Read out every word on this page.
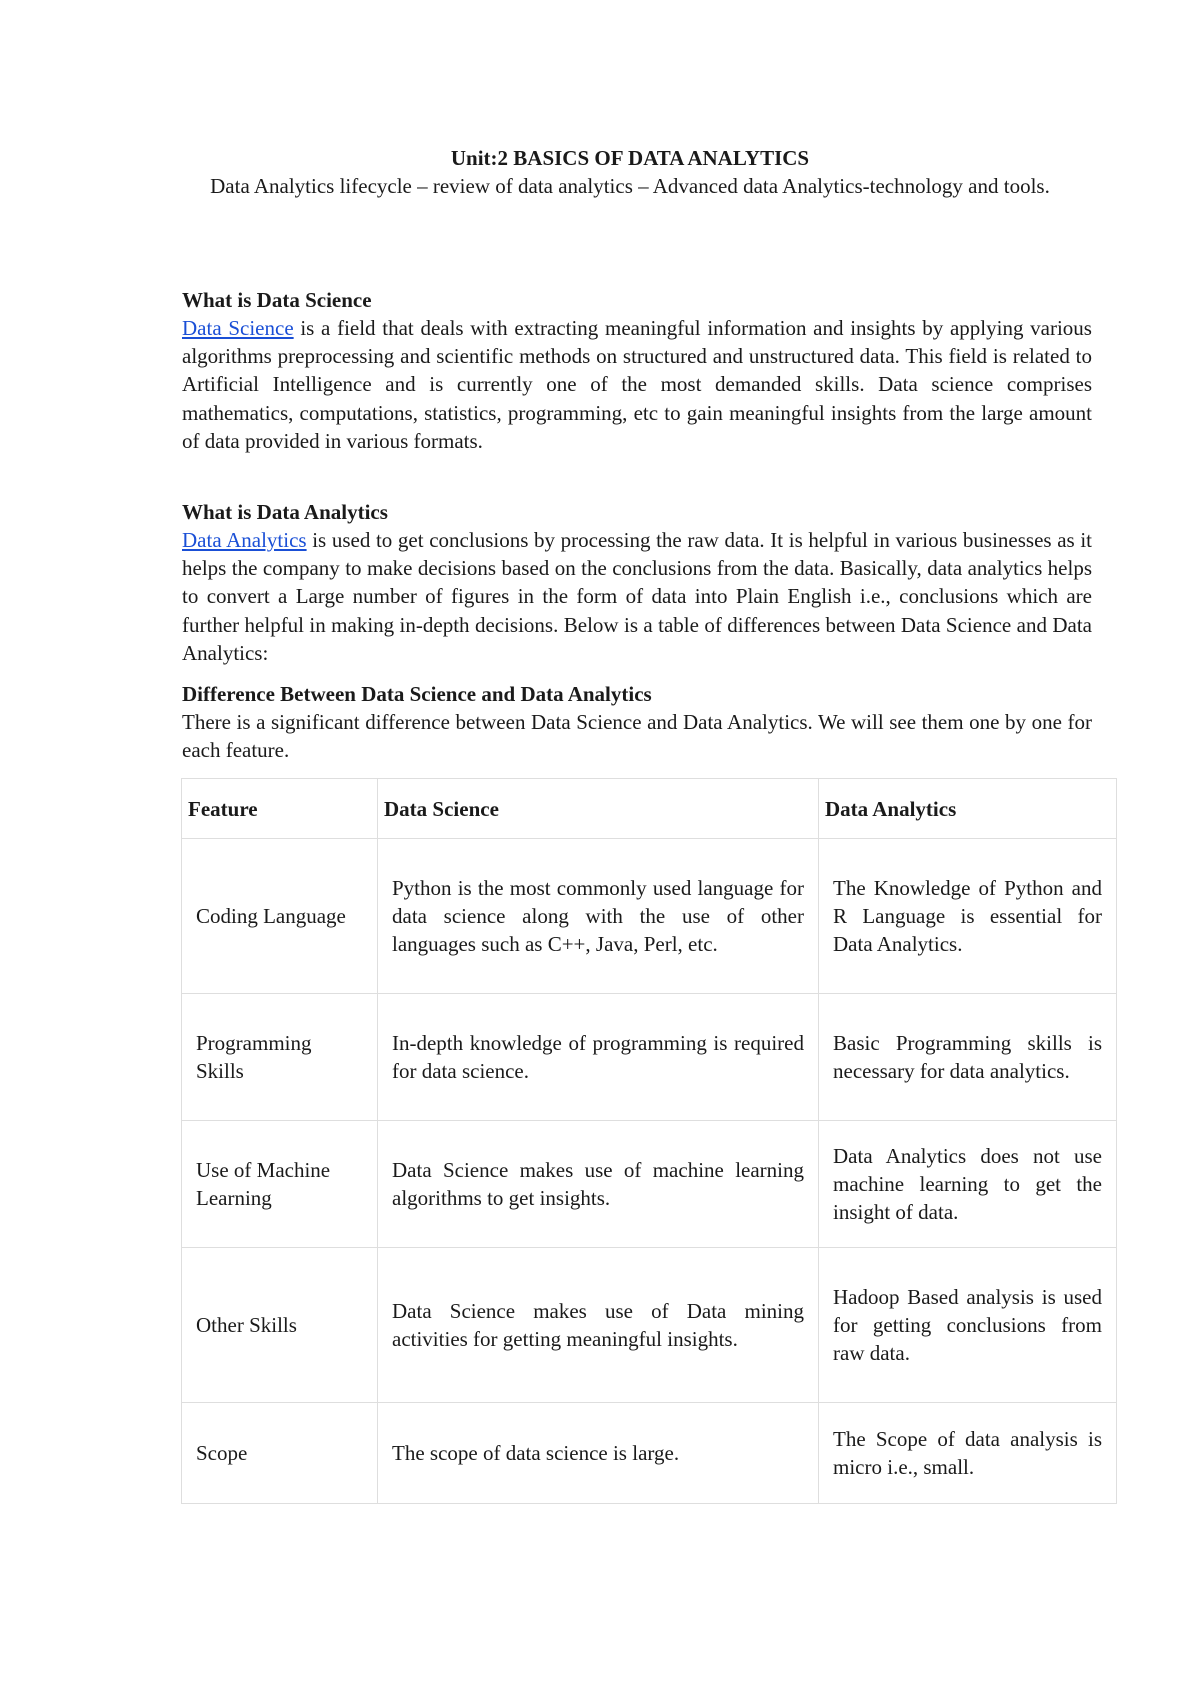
Unit:2 BASICS OF DATA ANALYTICS
Data Analytics lifecycle – review of data analytics – Advanced data Analytics-technology and tools.
What is Data Science
Data Science is a field that deals with extracting meaningful information and insights by applying various algorithms preprocessing and scientific methods on structured and unstructured data. This field is related to Artificial Intelligence and is currently one of the most demanded skills. Data science comprises mathematics, computations, statistics, programming, etc to gain meaningful insights from the large amount of data provided in various formats.
What is Data Analytics
Data Analytics is used to get conclusions by processing the raw data. It is helpful in various businesses as it helps the company to make decisions based on the conclusions from the data. Basically, data analytics helps to convert a Large number of figures in the form of data into Plain English i.e., conclusions which are further helpful in making in-depth decisions. Below is a table of differences between Data Science and Data Analytics:
Difference Between Data Science and Data Analytics
There is a significant difference between Data Science and Data Analytics. We will see them one by one for each feature.
Feature	Data Science	Data Analytics
Coding Language	Python is the most commonly used language for data science along with the use of other languages such as C++, Java, Perl, etc.	The Knowledge of Python and R Language is essential for Data Analytics.
Programming Skills	In-depth knowledge of programming is required for data science.	Basic Programming skills is necessary for data analytics.
Use of Machine Learning	Data Science makes use of machine learning algorithms to get insights.	Data Analytics does not use machine learning to get the insight of data.
Other Skills	Data Science makes use of Data mining activities for getting meaningful insights.	Hadoop Based analysis is used for getting conclusions from raw data.
Scope	The scope of data science is large.	The Scope of data analysis is micro i.e., small.
